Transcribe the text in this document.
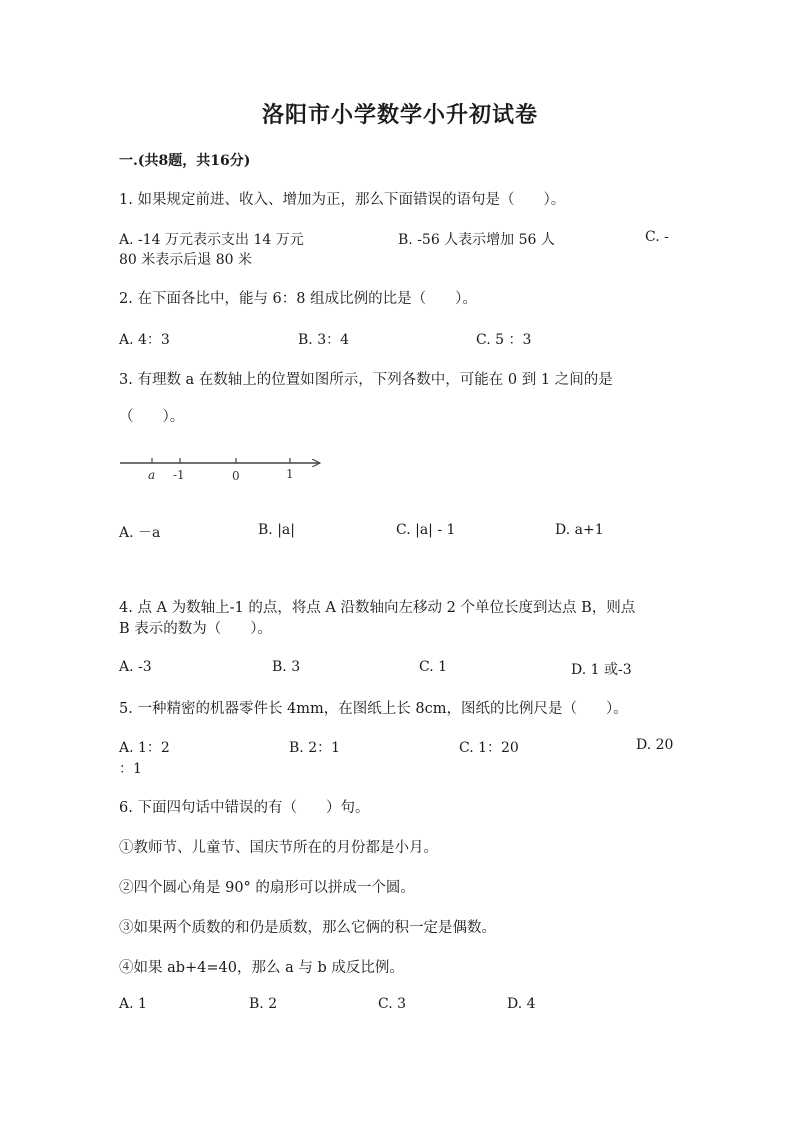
洛阳市小学数学小升初试卷
一.(共8题，共16分)
1. 如果规定前进、收入、增加为正，那么下面错误的语句是（　　）。
A. -14 万元表示支出 14 万元	B. -56 人表示增加 56 人	C. -
80 米表示后退 80 米
2. 在下面各比中，能与 6：8 组成比例的比是（　　）。
A. 4：3	B. 3：4	C. 5 ：3
3. 有理数 a 在数轴上的位置如图所示，下列各数中，可能在 0 到 1 之间的是
（　　）。
a -1	0	1
A. －a	B. |a|	C. |a| - 1	D. a+1
4. 点 A 为数轴上-1 的点，将点 A 沿数轴向左移动 2 个单位长度到达点 B，则点
B 表示的数为（　　）。
A. -3	B. 3	C. 1	D. 1 或-3
5. 一种精密的机器零件长 4mm，在图纸上长 8cm，图纸的比例尺是（　　）。
A. 1：2	B. 2：1	C. 1：20	D. 20
：1
6. 下面四句话中错误的有（　　）句。
①教师节、儿童节、国庆节所在的月份都是小月。
②四个圆心角是 90° 的扇形可以拼成一个圆。
③如果两个质数的和仍是质数，那么它俩的积一定是偶数。
④如果 ab+4=40，那么 a 与 b 成反比例。
A. 1	B. 2	C. 3	D. 4
